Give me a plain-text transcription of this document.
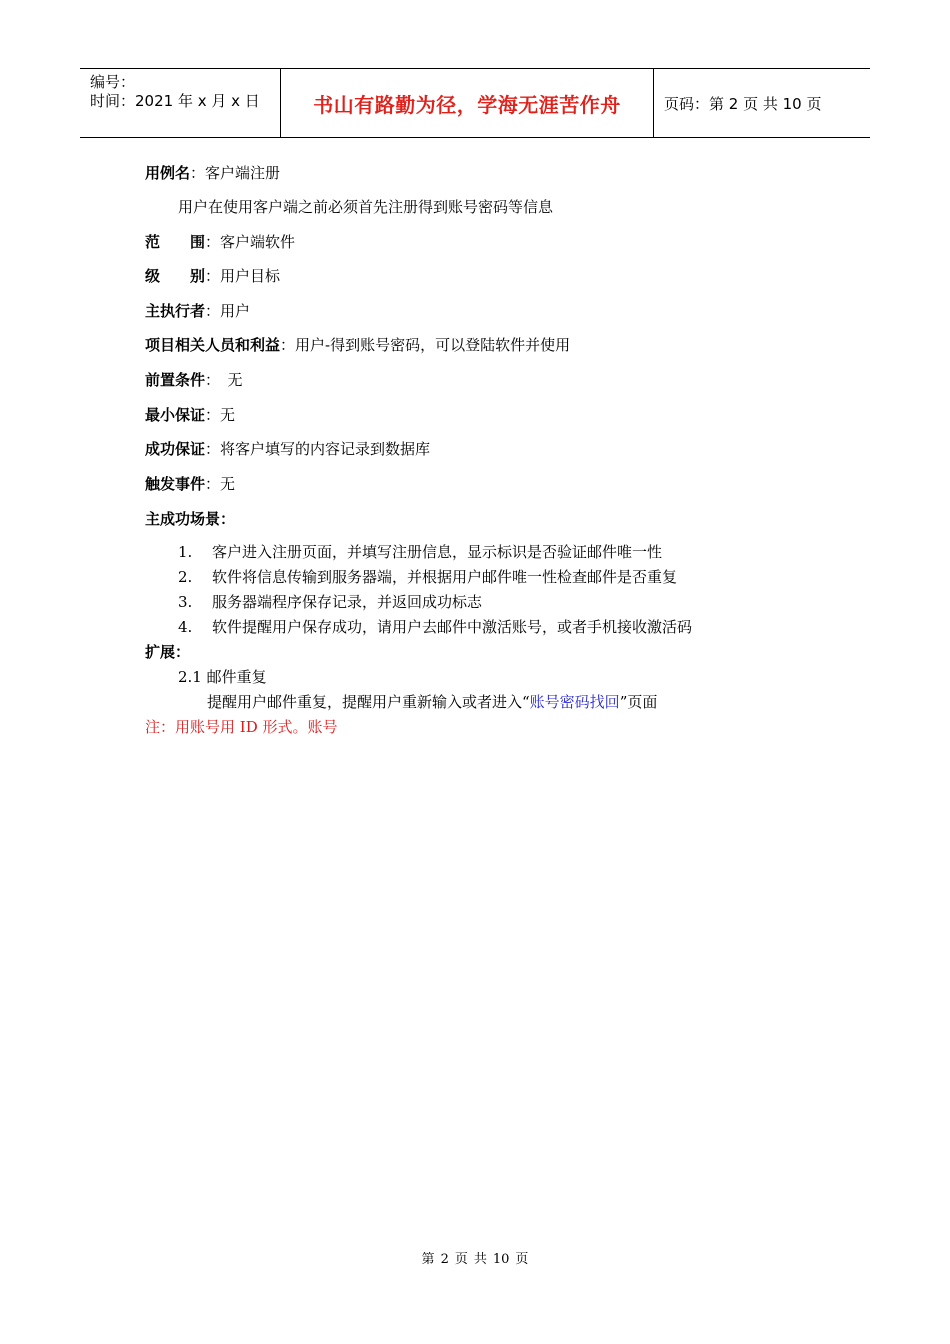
编号：
时间：2021 年 x 月 x 日	书山有路勤为径，学海无涯苦作舟	页码：第 2 页 共 10 页
用例名：客户端注册
用户在使用客户端之前必须首先注册得到账号密码等信息
范　　围：客户端软件
级　　别：用户目标
主执行者：用户
项目相关人员和利益：用户-得到账号密码，可以登陆软件并使用
前置条件：　无
最小保证：无
成功保证：将客户填写的内容记录到数据库
触发事件：无
主成功场景：
1. 客户进入注册页面，并填写注册信息，显示标识是否验证邮件唯一性
2. 软件将信息传输到服务器端，并根据用户邮件唯一性检查邮件是否重复
3. 服务器端程序保存记录，并返回成功标志
4. 软件提醒用户保存成功，请用户去邮件中激活账号，或者手机接收激活码
扩展：
2.1 邮件重复
提醒用户邮件重复，提醒用户重新输入或者进入“账号密码找回”页面
注：用账号用 ID 形式。账号
第 2 页 共 10 页
